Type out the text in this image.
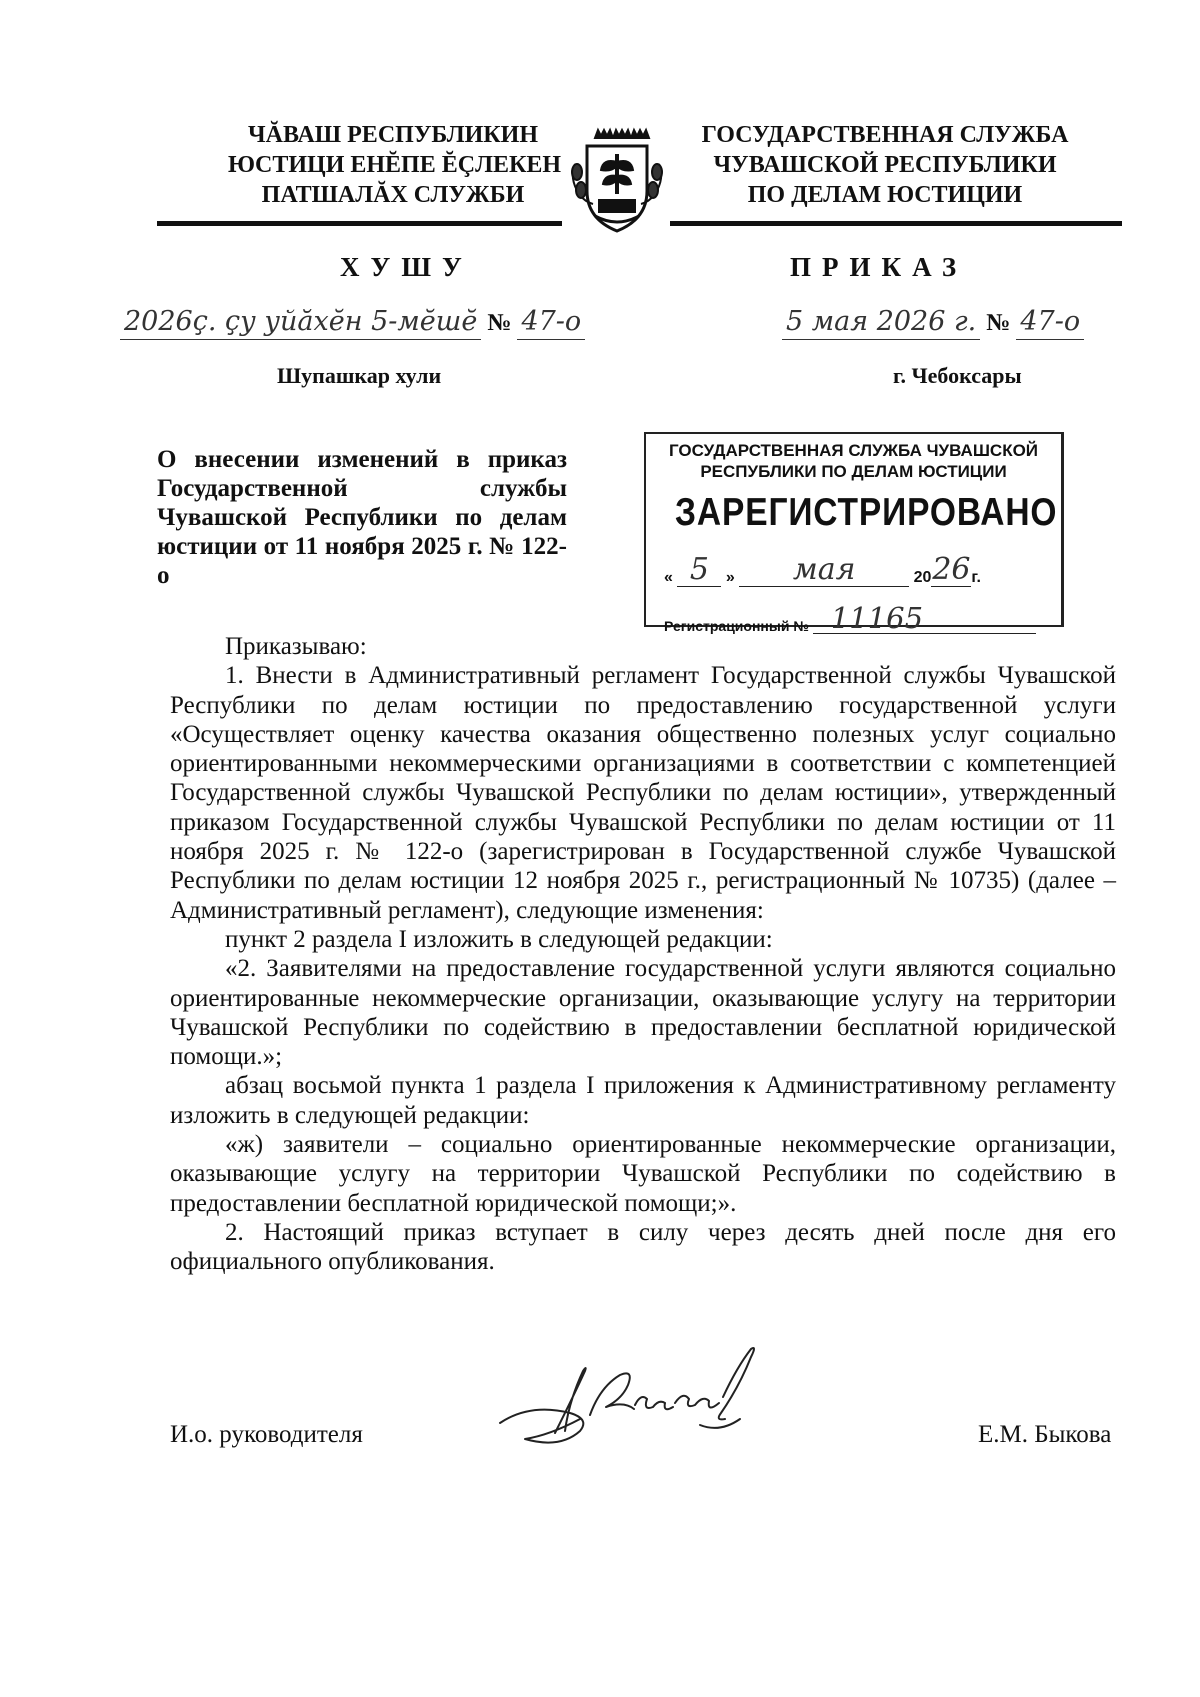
ЧĂВАШ РЕСПУБЛИКИН
ЮСТИЦИ ЕНĔПЕ ĔÇЛЕКЕН
ПАТШАЛĂХ СЛУЖБИ
ГОСУДАРСТВЕННАЯ СЛУЖБА
ЧУВАШСКОЙ РЕСПУБЛИКИ
ПО ДЕЛАМ ЮСТИЦИИ
ХУШУ	ПРИКАЗ
2026ç. çу уйăхĕн 5-мĕшĕ № 47-о	5 мая 2026 г. № 47-о
Шупашкар хули	г. Чебоксары
О внесении изменений в приказ Государственной службы Чувашской Республики по делам юстиции от 11 ноября 2025 г. № 122-о
ГОСУДАРСТВЕННАЯ СЛУЖБА ЧУВАШСКОЙ
РЕСПУБЛИКИ ПО ДЕЛАМ ЮСТИЦИИ
ЗАРЕГИСТРИРОВАНО
« 5 » мая	2026г.
Регистрационный № 11165

Приказываю:

1. Внести в Административный регламент Государственной службы Чувашской Республики по делам юстиции по предоставлению государственной услуги «Осуществляет оценку качества оказания общественно полезных услуг социально ориентированными некоммерческими организациями в соответствии с компетенцией Государственной службы Чувашской Республики по делам юстиции», утвержденный приказом Государственной службы Чувашской Республики по делам юстиции от 11 ноября 2025 г. № 122-о (зарегистрирован в Государственной службе Чувашской Республики по делам юстиции 12 ноября 2025 г., регистрационный № 10735) (далее – Административный регламент), следующие изменения:

пункт 2 раздела I изложить в следующей редакции:

«2. Заявителями на предоставление государственной услуги являются социально ориентированные некоммерческие организации, оказывающие услугу на территории Чувашской Республики по содействию в предоставлении бесплатной юридической помощи.»;

абзац восьмой пункта 1 раздела I приложения к Административному регламенту изложить в следующей редакции:

«ж) заявители – социально ориентированные некоммерческие организации, оказывающие услугу на территории Чувашской Республики по содействию в предоставлении бесплатной юридической помощи;».

2. Настоящий приказ вступает в силу через десять дней после дня его официального опубликования.

И.о. руководителя	Е.М. Быкова
